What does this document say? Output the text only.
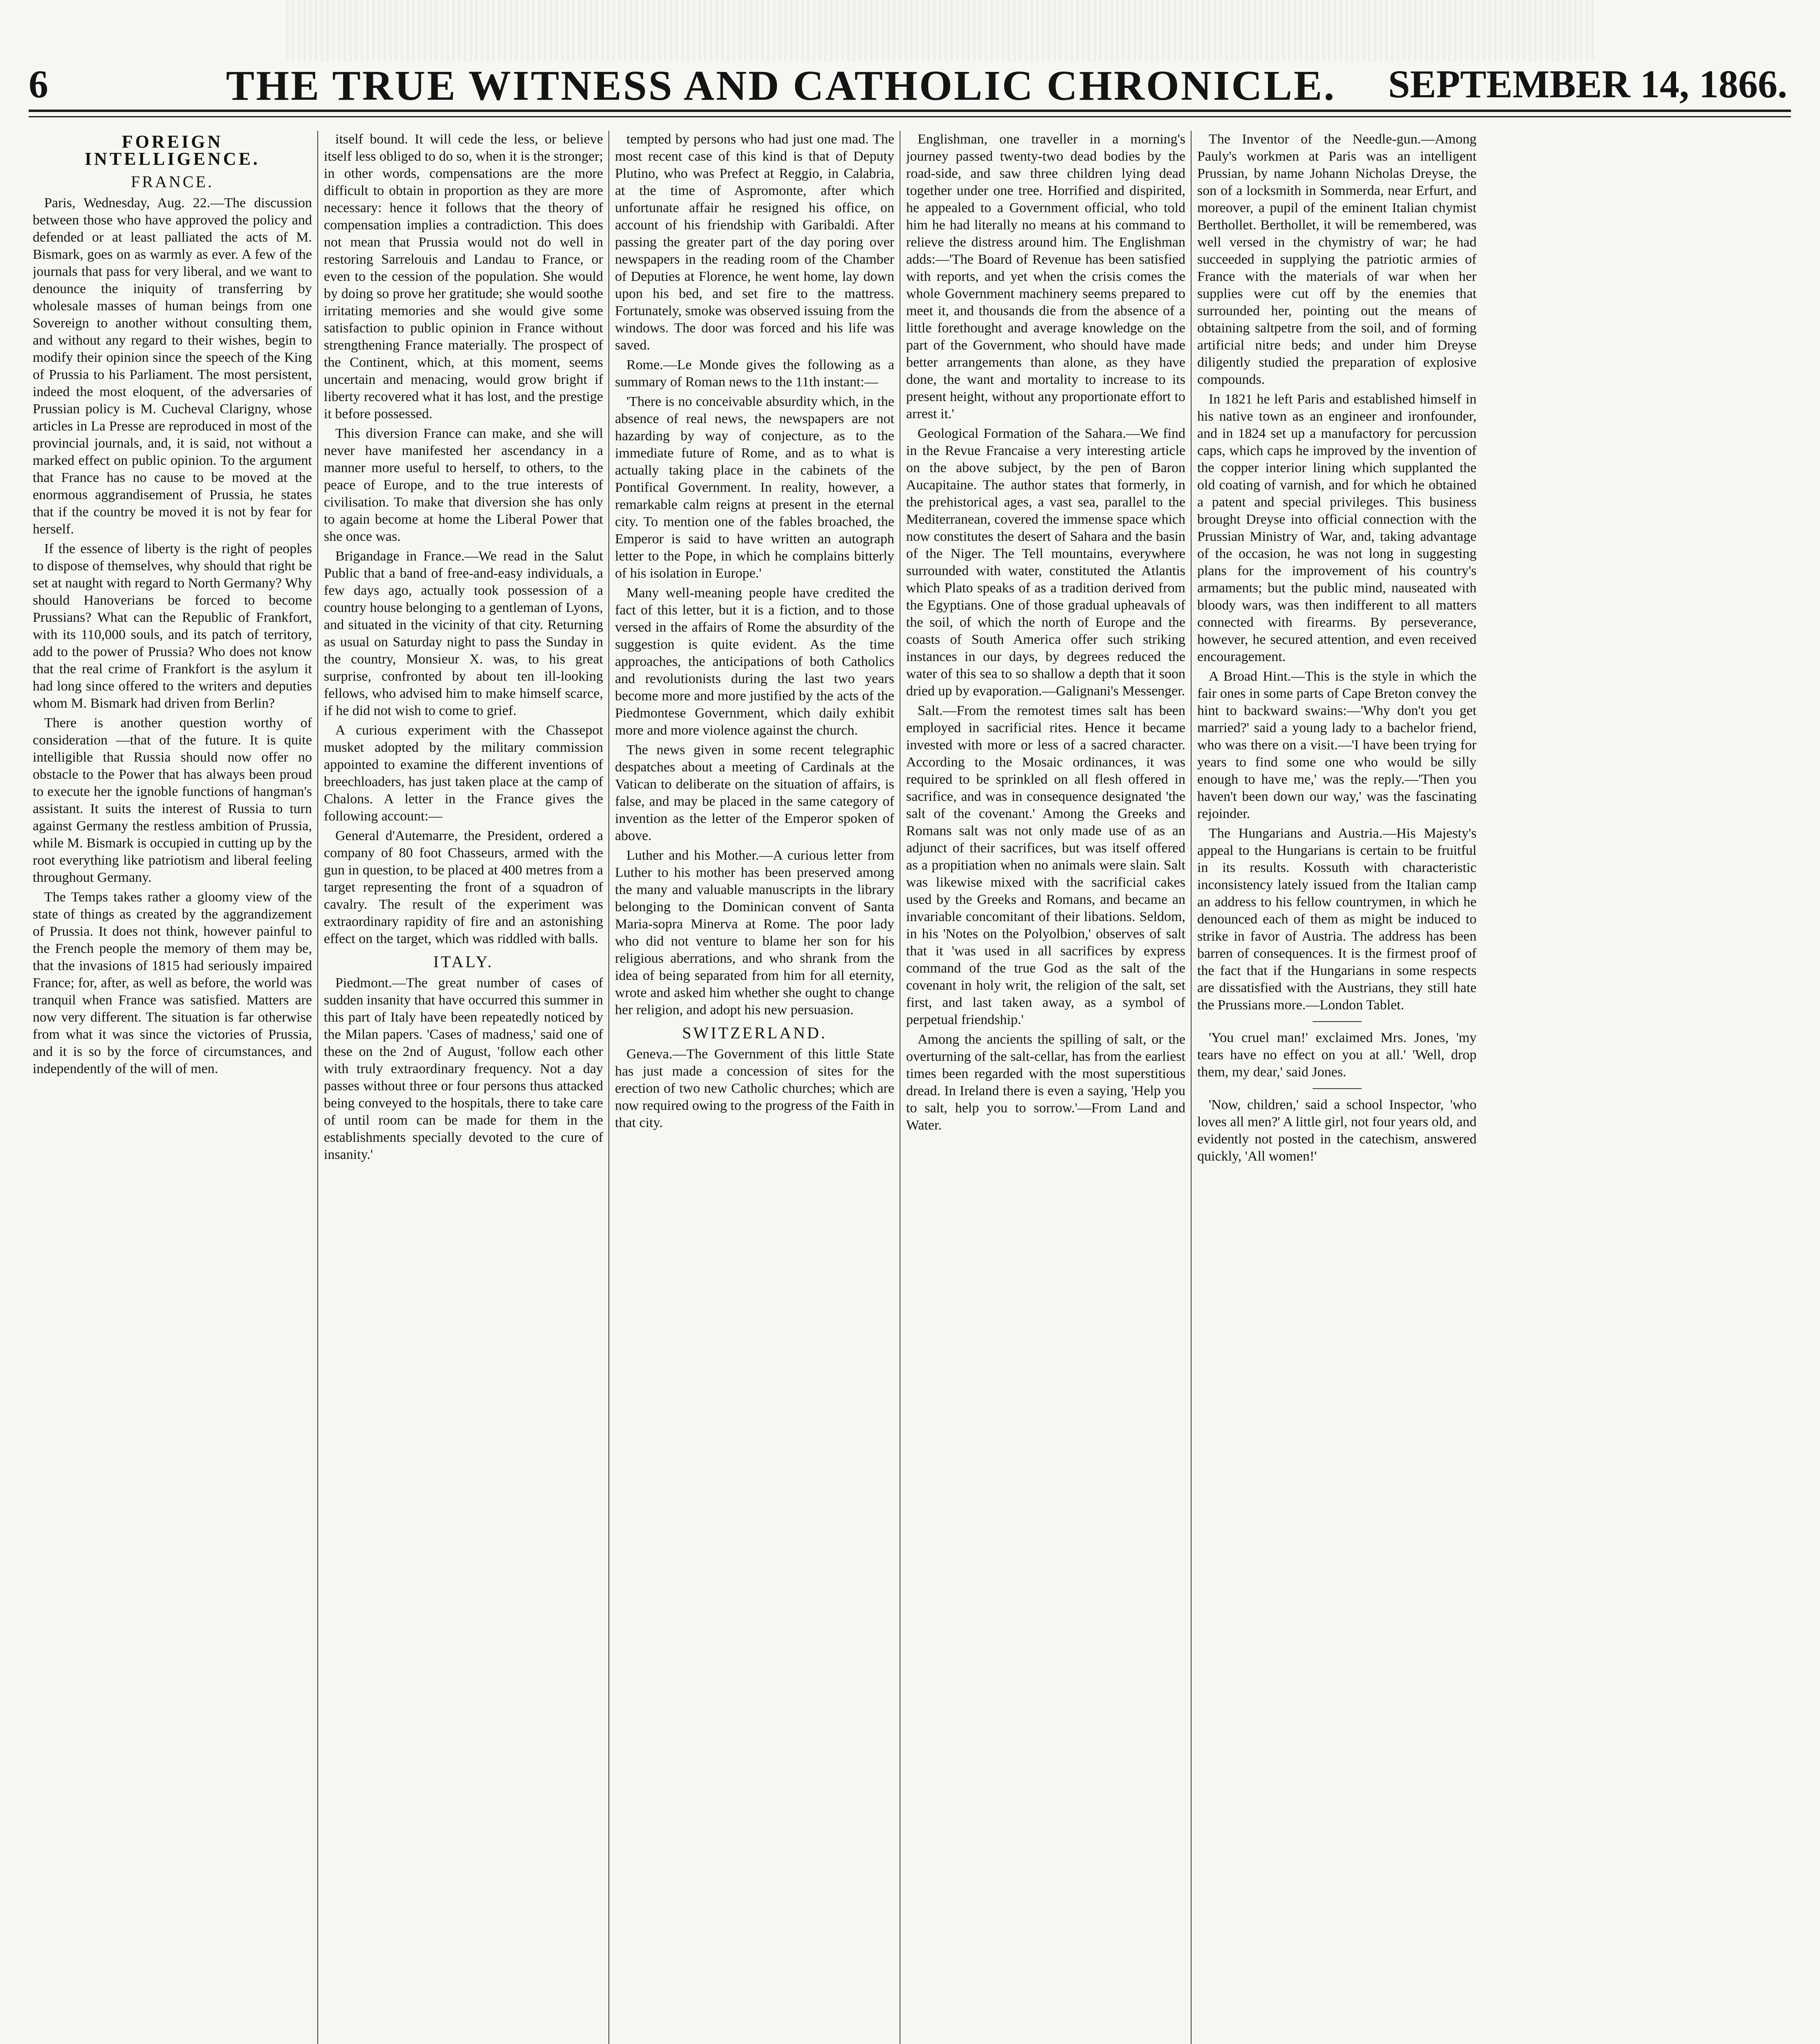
6	THE TRUE WITNESS AND CATHOLIC CHRONICLE.	SEPTEMBER 14, 1866.
FOREIGN INTELLIGENCE.
FRANCE.

Paris, Wednesday, Aug. 22.—The discussion between those who have approved the policy and defended or at least palliated the acts of M. Bismark, goes on as warmly as ever. A few of the journals that pass for very liberal, and we want to denounce the iniquity of transferring by wholesale masses of human beings from one Sovereign to another without consulting them, and without any regard to their wishes, begin to modify their opinion since the speech of the King of Prussia to his Parliament. The most persistent, indeed the most eloquent, of the adversaries of Prussian policy is M. Cucheval Clarigny, whose articles in La Presse are reproduced in most of the provincial journals, and, it is said, not without a marked effect on public opinion. To the argument that France has no cause to be moved at the enormous aggrandisement of Prussia, he states that if the country be moved it is not by fear for herself.

If the essence of liberty is the right of peoples to dispose of themselves, why should that right be set at naught with regard to North Germany? Why should Hanoverians be forced to become Prussians? What can the Republic of Frankfort, with its 110,000 souls, and its patch of territory, add to the power of Prussia? Who does not know that the real crime of Frankfort is the asylum it had long since offered to the writers and deputies whom M. Bismark had driven from Berlin?

There is another question worthy of consideration —that of the future. It is quite intelligible that Russia should now offer no obstacle to the Power that has always been proud to execute her the ignoble functions of hangman's assistant. It suits the interest of Russia to turn against Germany the restless ambition of Prussia, while M. Bismark is occupied in cutting up by the root everything like patriotism and liberal feeling throughout Germany.

The Temps takes rather a gloomy view of the state of things as created by the aggrandizement of Prussia. It does not think, however painful to the French people the memory of them may be, that the invasions of 1815 had seriously impaired France; for, after, as well as before, the world was tranquil when France was satisfied. Matters are now very different. The situation is far otherwise from what it was since the victories of Prussia, and it is so by the force of circumstances, and independently of the will of men.

itself bound. It will cede the less, or believe itself less obliged to do so, when it is the stronger; in other words, compensations are the more difficult to obtain in proportion as they are more necessary: hence it follows that the theory of compensation implies a contradiction. This does not mean that Prussia would not do well in restoring Sarrelouis and Landau to France, or even to the cession of the population. She would by doing so prove her gratitude; she would soothe irritating memories and she would give some satisfaction to public opinion in France without strengthening France materially. The prospect of the Continent, which, at this moment, seems uncertain and menacing, would grow bright if liberty recovered what it has lost, and the prestige it before possessed.

This diversion France can make, and she will never have manifested her ascendancy in a manner more useful to herself, to others, to the peace of Europe, and to the true interests of civilisation. To make that diversion she has only to again become at home the Liberal Power that she once was.

Brigandage in France.—We read in the Salut Public that a band of free-and-easy individuals, a few days ago, actually took possession of a country house belonging to a gentleman of Lyons, and situated in the vicinity of that city. Returning as usual on Saturday night to pass the Sunday in the country, Monsieur X. was, to his great surprise, confronted by about ten ill-looking fellows, who advised him to make himself scarce, if he did not wish to come to grief.

A curious experiment with the Chassepot musket adopted by the military commission appointed to examine the different inventions of breechloaders, has just taken place at the camp of Chalons. A letter in the France gives the following account:—

General d'Autemarre, the President, ordered a company of 80 foot Chasseurs, armed with the gun in question, to be placed at 400 metres from a target representing the front of a squadron of cavalry. The result of the experiment was extraordinary rapidity of fire and an astonishing effect on the target, which was riddled with balls.

ITALY.

Piedmont.—The great number of cases of sudden insanity that have occurred this summer in this part of Italy have been repeatedly noticed by the Milan papers. 'Cases of madness,' said one of these on the 2nd of August, 'follow each other with truly extraordinary frequency. Not a day passes without three or four persons thus attacked being conveyed to the hospitals, there to take care of until room can be made for them in the establishments specially devoted to the cure of insanity.'

tempted by persons who had just one mad. The most recent case of this kind is that of Deputy Plutino, who was Prefect at Reggio, in Calabria, at the time of Aspromonte, after which unfortunate affair he resigned his office, on account of his friendship with Garibaldi. After passing the greater part of the day poring over newspapers in the reading room of the Chamber of Deputies at Florence, he went home, lay down upon his bed, and set fire to the mattress. Fortunately, smoke was observed issuing from the windows. The door was forced and his life was saved.

Rome.—Le Monde gives the following as a summary of Roman news to the 11th instant:—

'There is no conceivable absurdity which, in the absence of real news, the newspapers are not hazarding by way of conjecture, as to the immediate future of Rome, and as to what is actually taking place in the cabinets of the Pontifical Government. In reality, however, a remarkable calm reigns at present in the eternal city. To mention one of the fables broached, the Emperor is said to have written an autograph letter to the Pope, in which he complains bitterly of his isolation in Europe.'

Many well-meaning people have credited the fact of this letter, but it is a fiction, and to those versed in the affairs of Rome the absurdity of the suggestion is quite evident. As the time approaches, the anticipations of both Catholics and revolutionists during the last two years become more and more justified by the acts of the Piedmontese Government, which daily exhibit more and more violence against the church.

The news given in some recent telegraphic despatches about a meeting of Cardinals at the Vatican to deliberate on the situation of affairs, is false, and may be placed in the same category of invention as the letter of the Emperor spoken of above.

Luther and his Mother.—A curious letter from Luther to his mother has been preserved among the many and valuable manuscripts in the library belonging to the Dominican convent of Santa Maria-sopra Minerva at Rome. The poor lady who did not venture to blame her son for his religious aberrations, and who shrank from the idea of being separated from him for all eternity, wrote and asked him whether she ought to change her religion, and adopt his new persuasion.

SWITZERLAND.

Geneva.—The Government of this little State has just made a concession of sites for the erection of two new Catholic churches; which are now required owing to the progress of the Faith in that city.

Englishman, one traveller in a morning's journey passed twenty-two dead bodies by the road-side, and saw three children lying dead together under one tree. Horrified and dispirited, he appealed to a Government official, who told him he had literally no means at his command to relieve the distress around him. The Englishman adds:—'The Board of Revenue has been satisfied with reports, and yet when the crisis comes the whole Government machinery seems prepared to meet it, and thousands die from the absence of a little forethought and average knowledge on the part of the Government, who should have made better arrangements than alone, as they have done, the want and mortality to increase to its present height, without any proportionate effort to arrest it.'

Geological Formation of the Sahara.—We find in the Revue Francaise a very interesting article on the above subject, by the pen of Baron Aucapitaine. The author states that formerly, in the prehistorical ages, a vast sea, parallel to the Mediterranean, covered the immense space which now constitutes the desert of Sahara and the basin of the Niger. The Tell mountains, everywhere surrounded with water, constituted the Atlantis which Plato speaks of as a tradition derived from the Egyptians. One of those gradual upheavals of the soil, of which the north of Europe and the coasts of South America offer such striking instances in our days, by degrees reduced the water of this sea to so shallow a depth that it soon dried up by evaporation.—Galignani's Messenger.

Salt.—From the remotest times salt has been employed in sacrificial rites. Hence it became invested with more or less of a sacred character. According to the Mosaic ordinances, it was required to be sprinkled on all flesh offered in sacrifice, and was in consequence designated 'the salt of the covenant.' Among the Greeks and Romans salt was not only made use of as an adjunct of their sacrifices, but was itself offered as a propitiation when no animals were slain. Salt was likewise mixed with the sacrificial cakes used by the Greeks and Romans, and became an invariable concomitant of their libations. Seldom, in his 'Notes on the Polyolbion,' observes of salt that it 'was used in all sacrifices by express command of the true God as the salt of the covenant in holy writ, the religion of the salt, set first, and last taken away, as a symbol of perpetual friendship.'

Among the ancients the spilling of salt, or the overturning of the salt-cellar, has from the earliest times been regarded with the most superstitious dread. In Ireland there is even a saying, 'Help you to salt, help you to sorrow.'—From Land and Water.

The Inventor of the Needle-gun.—Among Pauly's workmen at Paris was an intelligent Prussian, by name Johann Nicholas Dreyse, the son of a locksmith in Sommerda, near Erfurt, and moreover, a pupil of the eminent Italian chymist Berthollet. Berthollet, it will be remembered, was well versed in the chymistry of war; he had succeeded in supplying the patriotic armies of France with the materials of war when her supplies were cut off by the enemies that surrounded her, pointing out the means of obtaining saltpetre from the soil, and of forming artificial nitre beds; and under him Dreyse diligently studied the preparation of explosive compounds.

In 1821 he left Paris and established himself in his native town as an engineer and ironfounder, and in 1824 set up a manufactory for percussion caps, which caps he improved by the invention of the copper interior lining which supplanted the old coating of varnish, and for which he obtained a patent and special privileges. This business brought Dreyse into official connection with the Prussian Ministry of War, and, taking advantage of the occasion, he was not long in suggesting plans for the improvement of his country's armaments; but the public mind, nauseated with bloody wars, was then indifferent to all matters connected with firearms. By perseverance, however, he secured attention, and even received encouragement.

A Broad Hint.—This is the style in which the fair ones in some parts of Cape Breton convey the hint to backward swains:—'Why don't you get married?' said a young lady to a bachelor friend, who was there on a visit.—'I have been trying for years to find some one who would be silly enough to have me,' was the reply.—'Then you haven't been down our way,' was the fascinating rejoinder.

The Hungarians and Austria.—His Majesty's appeal to the Hungarians is certain to be fruitful in its results. Kossuth with characteristic inconsistency lately issued from the Italian camp an address to his fellow countrymen, in which he denounced each of them as might be induced to strike in favor of Austria. The address has been barren of consequences. It is the firmest proof of the fact that if the Hungarians in some respects are dissatisfied with the Austrians, they still hate the Prussians more.—London Tablet.

'You cruel man!' exclaimed Mrs. Jones, 'my tears have no effect on you at all.' 'Well, drop them, my dear,' said Jones.

'Now, children,' said a school Inspector, 'who loves all men?' A little girl, not four years old, and evidently not posted in the catechism, answered quickly, 'All women!'
